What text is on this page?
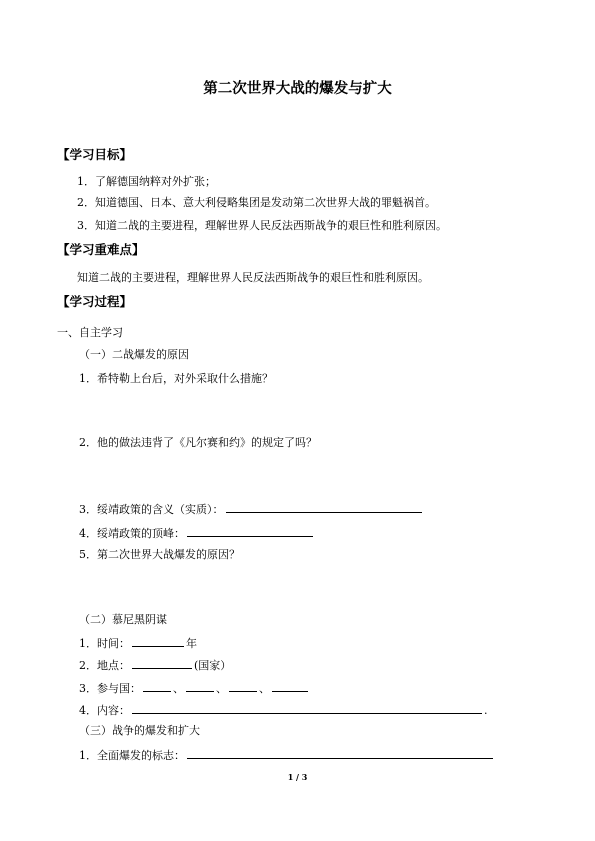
第二次世界大战的爆发与扩大
【学习目标】
1．了解德国纳粹对外扩张；
2．知道德国、日本、意大利侵略集团是发动第二次世界大战的罪魁祸首。
3．知道二战的主要进程，理解世界人民反法西斯战争的艰巨性和胜利原因。
【学习重难点】
知道二战的主要进程，理解世界人民反法西斯战争的艰巨性和胜利原因。
【学习过程】
一、自主学习
（一）二战爆发的原因
1．希特勒上台后，对外采取什么措施？
2．他的做法违背了《凡尔赛和约》的规定了吗？
3．绥靖政策的含义（实质）：
4．绥靖政策的顶峰：
5．第二次世界大战爆发的原因？
（二）慕尼黑阴谋
1．时间：	年
2．地点：	(国家）
3．参与国：	、	、	、
4．内容：	.
（三）战争的爆发和扩大
1．全面爆发的标志：
1 / 3
